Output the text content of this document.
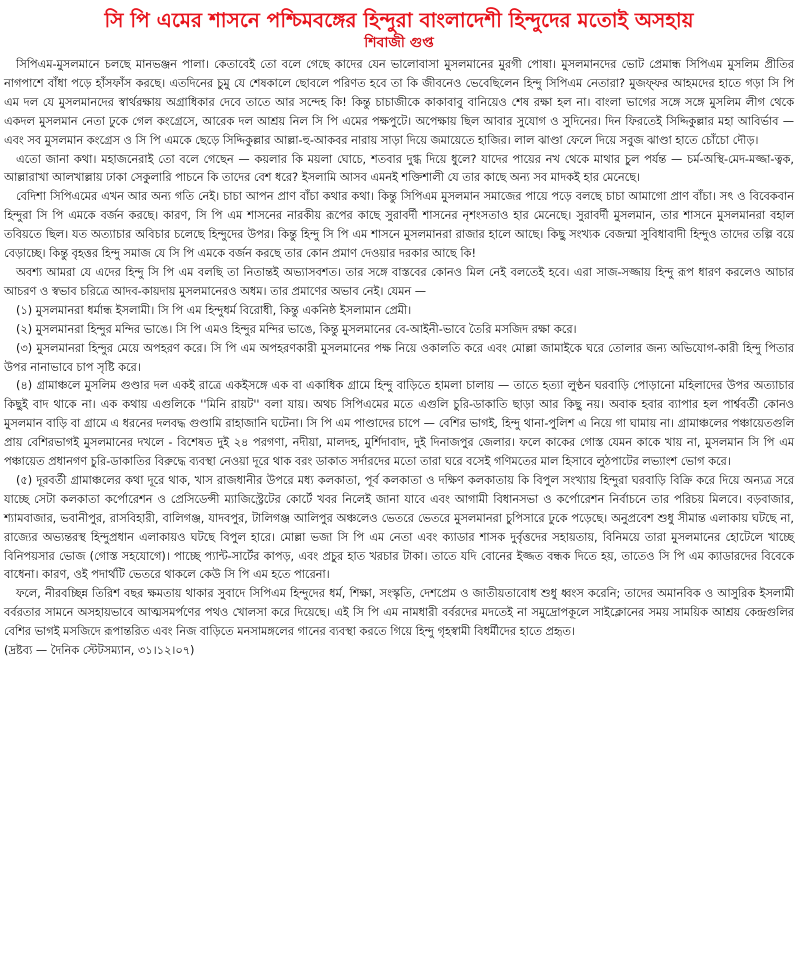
সি পি এমের শাসনে পশ্চিমবঙ্গের হিন্দুরা বাংলাদেশী হিন্দুদের মতোই অসহায়
শিবাজী গুপ্ত

সিপিএম-মুসলমানে চলছে মানভঞ্জন পালা। কেতাবেই তো বলে গেছে কাদের যেন ভালোবাসা মুসলমানের মুরগী পোষা। মুসলমানদের ভোট প্রেমান্ধ সিপিএম মুসলিম প্রীতির নাগপাশে বাঁধা পড়ে হাঁসফাঁস করছে। এতদিনের চুমু যে শেষকালে ছোবলে পরিণত হবে তা কি জীবনেও ভেবেছিলেন হিন্দু সিপিএম নেতারা? মুজফ্‌ফর আহমদের হাতে গড়া সি পি এম দল যে মুসলমানদের স্বার্থরক্ষায় অগ্রাধিকার দেবে তাতে আর সন্দেহ কি! কিন্তু চাচাজীকে কাকাবাবু বানিয়েও শেষ রক্ষা হল না। বাংলা ভাগের সঙ্গে সঙ্গে মুসলিম লীগ থেকে একদল মুসলমান নেতা ঢুকে গেল কংগ্রেসে, আরেক দল আশ্রয় নিল সি পি এমের পক্ষপুটে। অপেক্ষায় ছিল আবার সুযোগ ও সুদিনের। দিন ফিরতেই সিদ্দিকুল্লার মহা আবির্ভাব — এবং সব মুসলমান কংগ্রেস ও সি পি এমকে ছেড়ে সিদ্দিকুল্লার আল্লা-হু-আকবর নারায় সাড়া দিয়ে জমায়েতে হাজির। লাল ঝাণ্ডা ফেলে দিয়ে সবুজ ঝাণ্ডা হাতে চোঁচো দৌড়।

এতো জানা কথা। মহাজনেরাই তো বলে গেছেন — কয়লার কি ময়লা ঘোচে, শতবার দুগ্ধ দিয়ে ধুলে? যাদের পায়ের নখ থেকে মাথার চুল পর্যন্ত — চর্ম-অস্থি-মেদ-মজ্জা-ত্বক, আল্লারাখা আলখাল্লায় ঢাকা সেকুলারি পাচনে কি তাদের বেশ ধরে? ইসলামি আসব এমনই শক্তিশালী যে তার কাছে অন্য সব মাদকই হার মেনেছে।

বেদিশা সিপিএমের এখন আর অন্য গতি নেই। চাচা আপন প্রাণ বাঁচা কথার কথা। কিন্তু সিপিএম মুসলমান সমাজের পায়ে পড়ে বলছে চাচা আমাগো প্রাণ বাঁচা। সৎ ও বিবেকবান হিন্দুরা সি পি এমকে বর্জন করছে। কারণ, সি পি এম শাসনের নারকীয় রূপের কাছে সুরাবর্দী শাসনের নৃশংসতাও হার মেনেছে। সুরাবর্দী মুসলমান, তার শাসনে মুসলমানরা বহাল তবিয়তে ছিল। যত অত্যাচার অবিচার চলেছে হিন্দুদের উপর। কিন্তু হিন্দু সি পি এম শাসনে মুসলমানরা রাজার হালে আছে। কিছু সংখ্যক বেজন্মা সুবিধাবাদী হিন্দুও তাদের তল্পি বয়ে বেড়াচ্ছে। কিন্তু বৃহত্তর হিন্দু সমাজ যে সি পি এমকে বর্জন করছে তার কোন প্রমাণ দেওয়ার দরকার আছে কি!

অবশ্য আমরা যে এদের হিন্দু সি পি এম বলছি তা নিতান্তই অভ্যাসবশত। তার সঙ্গে বাস্তবের কোনও মিল নেই বলতেই হবে। এরা সাজ-সজ্জায় হিন্দু রূপ ধারণ করলেও আচার আচরণ ও স্বভাব চরিত্রে আদব-কায়দায় মুসলমানেরও অধম। তার প্রমাণের অভাব নেই। যেমন —

(১) মুসলমানরা ধর্মান্ধ ইসলামী। সি পি এম হিন্দুধর্ম বিরোধী, কিন্তু একনিষ্ঠ ইসলামান প্রেমী।

(২) মুসলমানরা হিন্দুর মন্দির ভাঙে। সি পি এমও হিন্দুর মন্দির ভাঙে, কিন্তু মুসলমানের বে-আইনী-ভাবে তৈরি মসজিদ রক্ষা করে।

(৩) মুসলমানরা হিন্দুর মেয়ে অপহরণ করে। সি পি এম অপহরণকারী মুসলমানের পক্ষ নিয়ে ওকালতি করে এবং মোল্লা জামাইকে ঘরে তোলার জন্য অভিযোগ-কারী হিন্দু পিতার উপর নানাভাবে চাপ সৃষ্টি করে।

(৪) গ্রামাঞ্চলে মুসলিম গুণ্ডার দল একই রাত্রে একইসঙ্গে এক বা একাধিক গ্রামে হিন্দু বাড়িতে হামলা চালায় — তাতে হত্যা লুণ্ঠন ঘরবাড়ি পোড়ানো মহিলাদের উপর অত্যাচার কিছুই বাদ থাকে না। এক কথায় এগুলিকে ''মিনি রায়ট'' বলা যায়। অথচ সিপিএমের মতে এগুলি চুরি-ডাকাতি ছাড়া আর কিছু নয়। অবাক হবার ব্যাপার হল পার্শ্ববর্তী কোনও মুসলমান বাড়ি বা গ্রামে এ ধরনের দলবদ্ধ গুণ্ডামি রাহাজানি ঘটেনা। সি পি এম পাণ্ডাদের চাপে — বেশির ভাগই, হিন্দু থানা-পুলিশ এ নিয়ে গা ঘামায় না। গ্রামাঞ্চলের পঞ্চায়েতগুলি প্রায় বেশিরভাগই মুসলমানের দখলে - বিশেষত দুই ২৪ পরগণা, নদীয়া, মালদহ, মুর্শিদাবাদ, দুই দিনাজপুর জেলার। ফলে কাকের গোস্ত যেমন কাকে খায় না, মুসলমান সি পি এম পঞ্চায়েত প্রধানগণ চুরি-ডাকাতির বিরুদ্ধে ব্যবস্থা নেওয়া দূরে থাক বরং ডাকাত সর্দারদের মতো তারা ঘরে বসেই গণিমতের মাল হিসাবে লুঠপাটের লভ্যাংশ ভোগ করে।

(৫) দূরবর্তী গ্রামাঞ্চলের কথা দূরে থাক, খাস রাজধানীর উপরে মধ্য কলকাতা, পূর্ব কলকাতা ও দক্ষিণ কলকাতায় কি বিপুল সংখ্যায় হিন্দুরা ঘরবাড়ি বিক্রি করে দিয়ে অন্যত্র সরে যাচ্ছে সেটা কলকাতা কর্পোরেশন ও প্রেসিডেন্সী ম্যাজিস্ট্রেটের কোর্টে খবর নিলেই জানা যাবে এবং আগামী বিধানসভা ও কর্পোরেশন নির্বাচনে তার পরিচয় মিলবে। বড়বাজার, শ্যামবাজার, ভবানীপুর, রাসবিহারী, বালিগঞ্জ, যাদবপুর, টালিগঞ্জ আলিপুর অঞ্চলেও ভেতরে ভেতরে মুসলমানরা চুপিসারে ঢুকে পড়েছে। অনুপ্রবেশ শুধু সীমান্ত এলাকায় ঘটছে না, রাজ্যের অভ্যন্তরস্থ হিন্দুপ্রধান এলাকায়ও ঘটছে বিপুল হারে। মোল্লা ভজা সি পি এম নেতা এবং ক্যাডার শাসক দুর্বৃত্তদের সহায়তায়, বিনিময়ে তারা মুসলমানের হোটেলে খাচ্ছে বিনিপয়সার ভোজ (গোস্ত সহযোগে)। পাচ্ছে প্যান্ট-সার্টের কাপড়, এবং প্রচুর হাত খরচার টাকা। তাতে যদি বোনের ইজ্জত বন্ধক দিতে হয়, তাতেও সি পি এম ক্যাডারদের বিবেকে বাধেনা। কারণ, ওই পদার্থটি ভেতরে থাকলে কেউ সি পি এম হতে পারেনা।

ফলে, নীরবচ্ছিন্ন তিরিশ বছর ক্ষমতায় থাকার সুবাদে সিপিএম হিন্দুদের ধর্ম, শিক্ষা, সংস্কৃতি, দেশপ্রেম ও জাতীয়তাবোধ শুধু ধ্বংস করেনি; তাদের অমানবিক ও আসুরিক ইসলামী বর্বরতার সামনে অসহায়ভাবে আত্মসমর্পণের পথও খোলসা করে দিয়েছে। এই সি পি এম নামধারী বর্বরদের মদতেই না সমুদ্রোপকূলে সাইক্লোনের সময় সাময়িক আশ্রয় কেন্দ্রগুলির বেশির ভাগই মসজিদে রূপান্তরিত এবং নিজ বাড়িতে মনসামঙ্গলের গানের ব্যবস্থা করতে গিয়ে হিন্দু গৃহস্বামী বিধর্মীদের হাতে প্রহৃত।

(দ্রষ্টব্য — দৈনিক স্টেটসম্যান, ৩১।১২।০৭)
